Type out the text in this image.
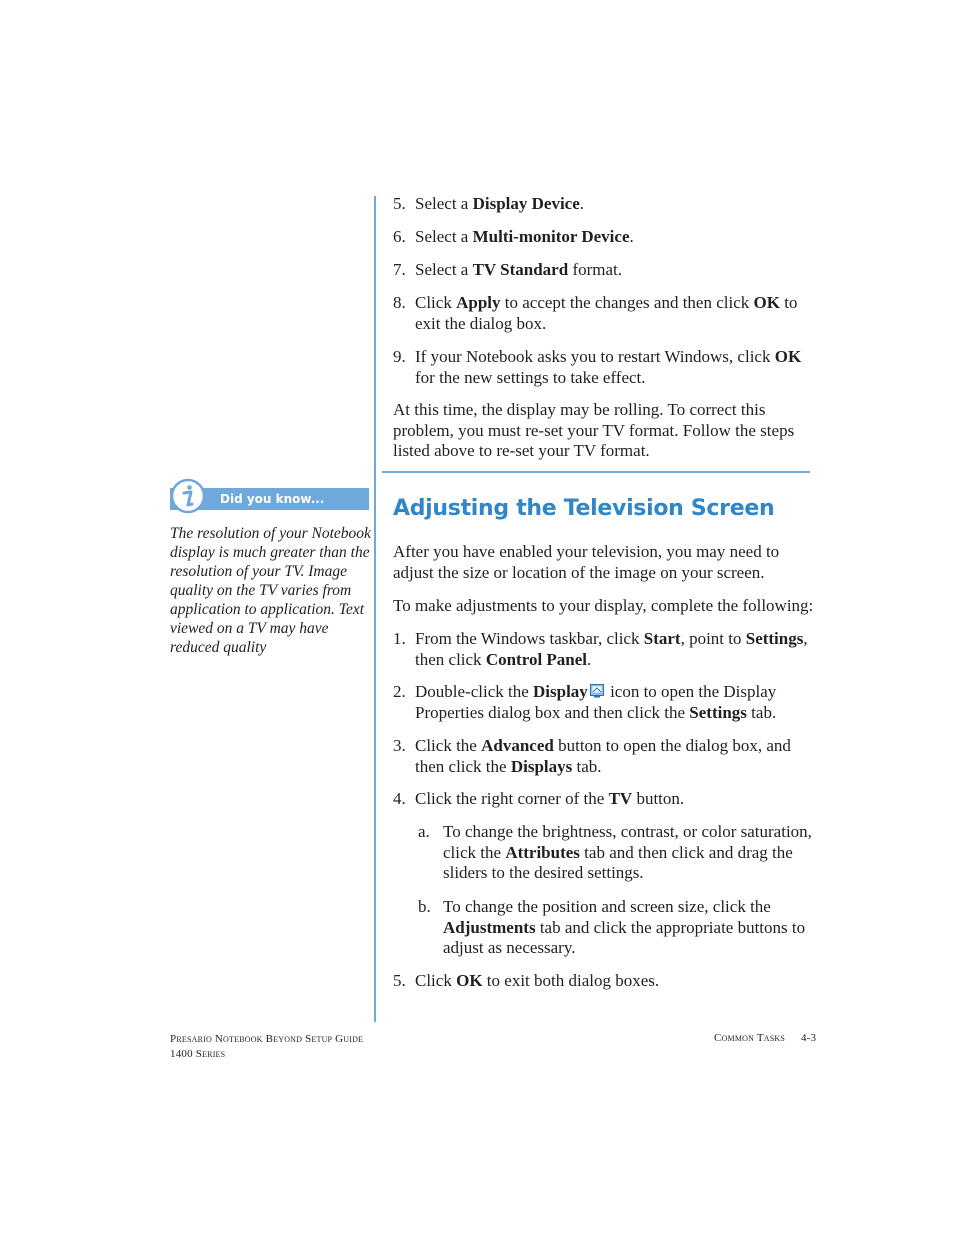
5. Select a Display Device.
6. Select a Multi-monitor Device.
7. Select a TV Standard format.
8. Click Apply to accept the changes and then click OK to exit the dialog box.
9. If your Notebook asks you to restart Windows, click OK for the new settings to take effect.
At this time, the display may be rolling. To correct this problem, you must re-set your TV format. Follow the steps listed above to re-set your TV format.
Did you know...
The resolution of your Notebook display is much greater than the resolution of your TV. Image quality on the TV varies from application to application. Text viewed on a TV may have reduced quality
Adjusting the Television Screen
After you have enabled your television, you may need to adjust the size or location of the image on your screen.
To make adjustments to your display, complete the following:
1. From the Windows taskbar, click Start, point to Settings, then click Control Panel.
2. Double-click the Display icon to open the Display Properties dialog box and then click the Settings tab.
3. Click the Advanced button to open the dialog box, and then click the Displays tab.
4. Click the right corner of the TV button.
a. To change the brightness, contrast, or color saturation, click the Attributes tab and then click and drag the sliders to the desired settings.
b. To change the position and screen size, click the Adjustments tab and click the appropriate buttons to adjust as necessary.
5. Click OK to exit both dialog boxes.
Presario Notebook Beyond Setup Guide
1400 Series
Common Tasks 4-3
